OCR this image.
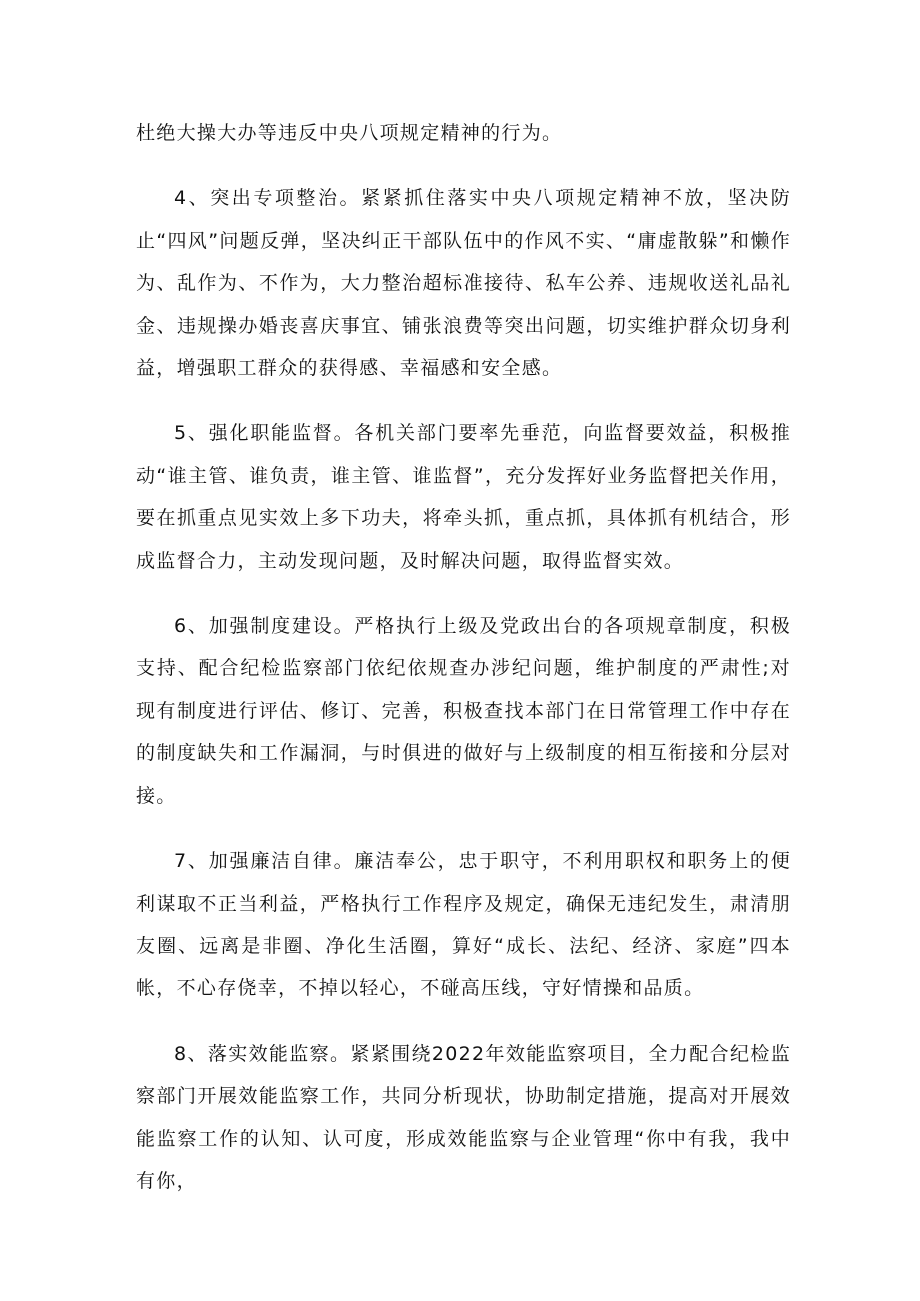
杜绝大操大办等违反中央八项规定精神的行为。

4、突出专项整治。紧紧抓住落实中央八项规定精神不放，坚决防止“四风”问题反弹，坚决纠正干部队伍中的作风不实、“庸虚散躲”和懒作为、乱作为、不作为，大力整治超标准接待、私车公养、违规收送礼品礼金、违规操办婚丧喜庆事宜、铺张浪费等突出问题，切实维护群众切身利益，增强职工群众的获得感、幸福感和安全感。

5、强化职能监督。各机关部门要率先垂范，向监督要效益，积极推动“谁主管、谁负责，谁主管、谁监督”，充分发挥好业务监督把关作用，要在抓重点见实效上多下功夫，将牵头抓，重点抓，具体抓有机结合，形成监督合力，主动发现问题，及时解决问题，取得监督实效。

6、加强制度建设。严格执行上级及党政出台的各项规章制度，积极支持、配合纪检监察部门依纪依规查办涉纪问题，维护制度的严肃性;对现有制度进行评估、修订、完善，积极查找本部门在日常管理工作中存在的制度缺失和工作漏洞，与时俱进的做好与上级制度的相互衔接和分层对接。

7、加强廉洁自律。廉洁奉公，忠于职守，不利用职权和职务上的便利谋取不正当利益，严格执行工作程序及规定，确保无违纪发生，肃清朋友圈、远离是非圈、净化生活圈，算好“成长、法纪、经济、家庭”四本帐，不心存侥幸，不掉以轻心，不碰高压线，守好情操和品质。

8、落实效能监察。紧紧围绕2022年效能监察项目，全力配合纪检监察部门开展效能监察工作，共同分析现状，协助制定措施，提高对开展效能监察工作的认知、认可度，形成效能监察与企业管理“你中有我，我中有你，
